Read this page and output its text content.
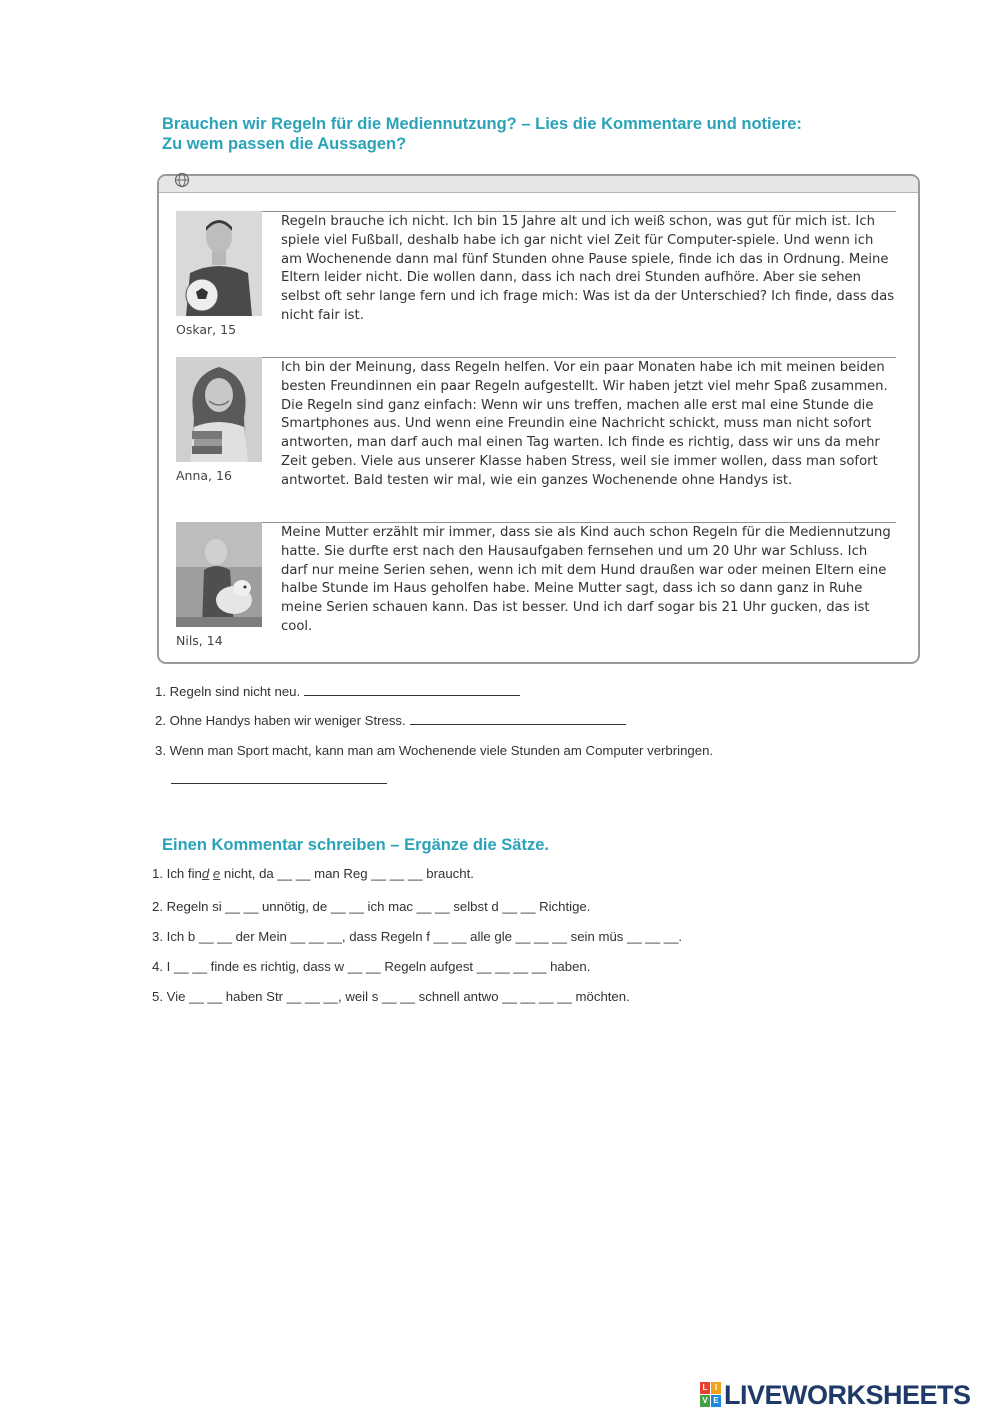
Brauchen wir Regeln für die Mediennutzung? – Lies die Kommentare und notiere:
Zu wem passen die Aussagen?
Oskar, 15
Regeln brauche ich nicht. Ich bin 15 Jahre alt und ich weiß schon, was gut für mich ist. Ich spiele viel Fußball, deshalb habe ich gar nicht viel Zeit für Computer-spiele. Und wenn ich am Wochenende dann mal fünf Stunden ohne Pause spiele, finde ich das in Ordnung. Meine Eltern leider nicht. Die wollen dann, dass ich nach drei Stunden aufhöre. Aber sie sehen selbst oft sehr lange fern und ich frage mich: Was ist da der Unterschied? Ich finde, dass das nicht fair ist.
Anna, 16
Ich bin der Meinung, dass Regeln helfen. Vor ein paar Monaten habe ich mit meinen beiden besten Freundinnen ein paar Regeln aufgestellt. Wir haben jetzt viel mehr Spaß zusammen. Die Regeln sind ganz einfach: Wenn wir uns treffen, machen alle erst mal eine Stunde die Smartphones aus. Und wenn eine Freundin eine Nachricht schickt, muss man nicht sofort antworten, man darf auch mal einen Tag warten. Ich finde es richtig, dass wir uns da mehr Zeit geben. Viele aus unserer Klasse haben Stress, weil sie immer wollen, dass man sofort antwortet. Bald testen wir mal, wie ein ganzes Wochenende ohne Handys ist.
Nils, 14
Meine Mutter erzählt mir immer, dass sie als Kind auch schon Regeln für die Mediennutzung hatte. Sie durfte erst nach den Hausaufgaben fernsehen und um 20 Uhr war Schluss. Ich darf nur meine Serien sehen, wenn ich mit dem Hund draußen war oder meinen Eltern eine halbe Stunde im Haus geholfen habe. Meine Mutter sagt, dass ich so dann ganz in Ruhe meine Serien schauen kann. Das ist besser. Und ich darf sogar bis 21 Uhr gucken, das ist cool.
1. Regeln sind nicht neu.
2. Ohne Handys haben wir weniger Stress.
3. Wenn man Sport macht, kann man am Wochenende viele Stunden am Computer verbringen.
Einen Kommentar schreiben – Ergänze die Sätze.
1. Ich find e nicht, da __ __ man Reg __ __ __ braucht.
2. Regeln si __ __ unnötig, de __ __ ich mac __ __ selbst d __ __ Richtige.
3. Ich b __ __ der Mein __ __ __, dass Regeln f __ __ alle gle __ __ __ sein müs __ __ __.
4. I __ __ finde es richtig, dass w __ __ Regeln aufgest __ __ __ __ haben.
5. Vie __ __ haben Str __ __ __, weil s __ __ schnell antwo __ __ __ __ möchten.
L I
V E LIVEWORKSHEETS
